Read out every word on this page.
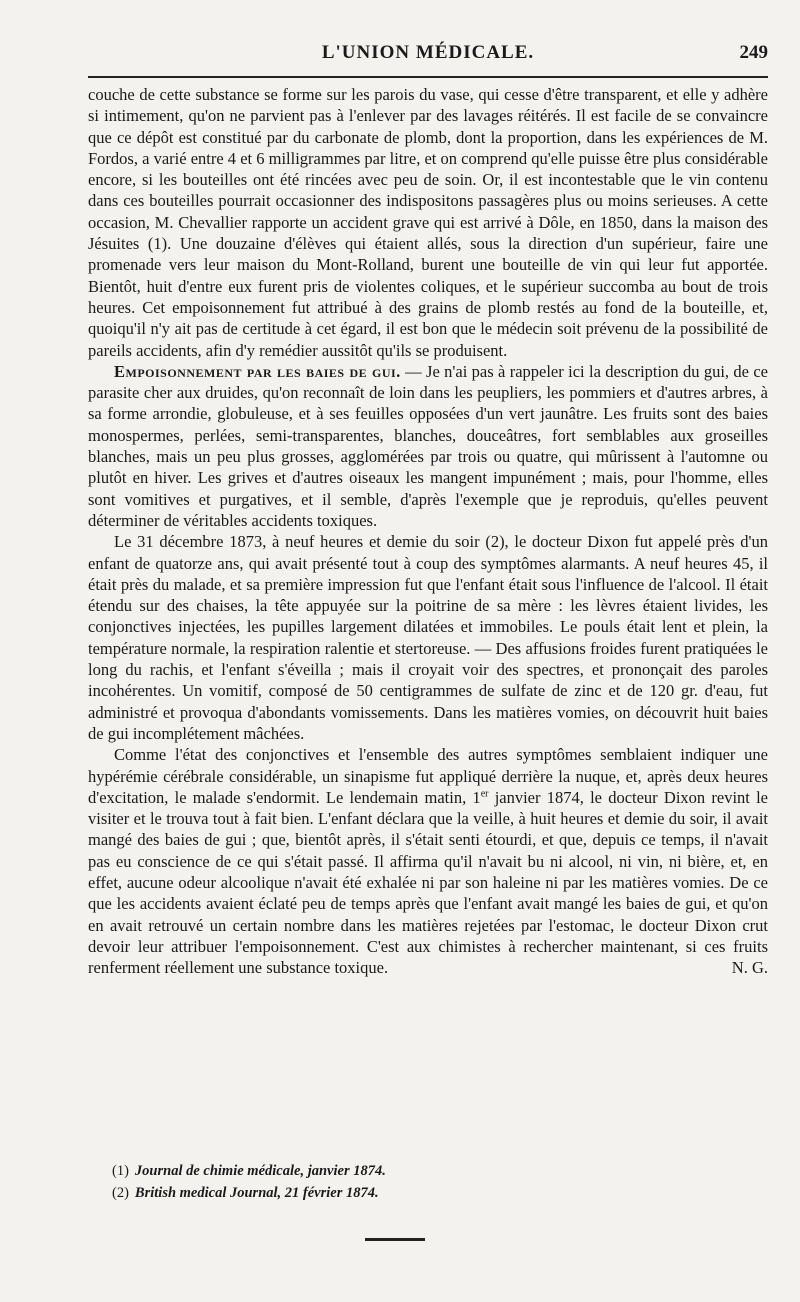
L'UNION MÉDICALE.	249

couche de cette substance se forme sur les parois du vase, qui cesse d'être transparent, et elle y adhère si intimement, qu'on ne parvient pas à l'enlever par des lavages réitérés. Il est facile de se convaincre que ce dépôt est constitué par du carbonate de plomb, dont la proportion, dans les expériences de M. Fordos, a varié entre 4 et 6 milligrammes par litre, et on comprend qu'elle puisse être plus considérable encore, si les bouteilles ont été rincées avec peu de soin. Or, il est incontestable que le vin contenu dans ces bouteilles pourrait occasionner des indispositons passagères plus ou moins serieuses. A cette occasion, M. Chevallier rapporte un accident grave qui est arrivé à Dôle, en 1850, dans la maison des Jésuites (1). Une douzaine d'élèves qui étaient allés, sous la direction d'un supérieur, faire une promenade vers leur maison du Mont-Rolland, burent une bouteille de vin qui leur fut apportée. Bientôt, huit d'entre eux furent pris de violentes coliques, et le supérieur succomba au bout de trois heures. Cet empoisonnement fut attribué à des grains de plomb restés au fond de la bouteille, et, quoiqu'il n'y ait pas de certitude à cet égard, il est bon que le médecin soit prévenu de la possibilité de pareils accidents, afin d'y remédier aussitôt qu'ils se produisent.

Empoisonnement par les baies de gui. — Je n'ai pas à rappeler ici la description du gui, de ce parasite cher aux druides, qu'on reconnaît de loin dans les peupliers, les pommiers et d'autres arbres, à sa forme arrondie, globuleuse, et à ses feuilles opposées d'un vert jaunâtre. Les fruits sont des baies monospermes, perlées, semi-transparentes, blanches, douceâtres, fort semblables aux groseilles blanches, mais un peu plus grosses, agglomérées par trois ou quatre, qui mûrissent à l'automne ou plutôt en hiver. Les grives et d'autres oiseaux les mangent impunément ; mais, pour l'homme, elles sont vomitives et purgatives, et il semble, d'après l'exemple que je reproduis, qu'elles peuvent déterminer de véritables accidents toxiques.

Le 31 décembre 1873, à neuf heures et demie du soir (2), le docteur Dixon fut appelé près d'un enfant de quatorze ans, qui avait présenté tout à coup des symptômes alarmants. A neuf heures 45, il était près du malade, et sa première impression fut que l'enfant était sous l'influence de l'alcool. Il était étendu sur des chaises, la tête appuyée sur la poitrine de sa mère : les lèvres étaient livides, les conjonctives injectées, les pupilles largement dilatées et immobiles. Le pouls était lent et plein, la température normale, la respiration ralentie et stertoreuse. — Des affusions froides furent pratiquées le long du rachis, et l'enfant s'éveilla ; mais il croyait voir des spectres, et prononçait des paroles incohérentes. Un vomitif, composé de 50 centigrammes de sulfate de zinc et de 120 gr. d'eau, fut administré et provoqua d'abondants vomissements. Dans les matières vomies, on découvrit huit baies de gui incomplétement mâchées.

Comme l'état des conjonctives et l'ensemble des autres symptômes semblaient indiquer une hypérémie cérébrale considérable, un sinapisme fut appliqué derrière la nuque, et, après deux heures d'excitation, le malade s'endormit. Le lendemain matin, 1er janvier 1874, le docteur Dixon revint le visiter et le trouva tout à fait bien. L'enfant déclara que la veille, à huit heures et demie du soir, il avait mangé des baies de gui ; que, bientôt après, il s'était senti étourdi, et que, depuis ce temps, il n'avait pas eu conscience de ce qui s'était passé. Il affirma qu'il n'avait bu ni alcool, ni vin, ni bière, et, en effet, aucune odeur alcoolique n'avait été exhalée ni par son haleine ni par les matières vomies. De ce que les accidents avaient éclaté peu de temps après que l'enfant avait mangé les baies de gui, et qu'on en avait retrouvé un certain nombre dans les matières rejetées par l'estomac, le docteur Dixon crut devoir leur attribuer l'empoisonnement. C'est aux chimistes à rechercher maintenant, si ces fruits renferment réellement une substance toxique.	N. G.

(1) Journal de chimie médicale, janvier 1874.

(2) British medical Journal, 21 février 1874.
